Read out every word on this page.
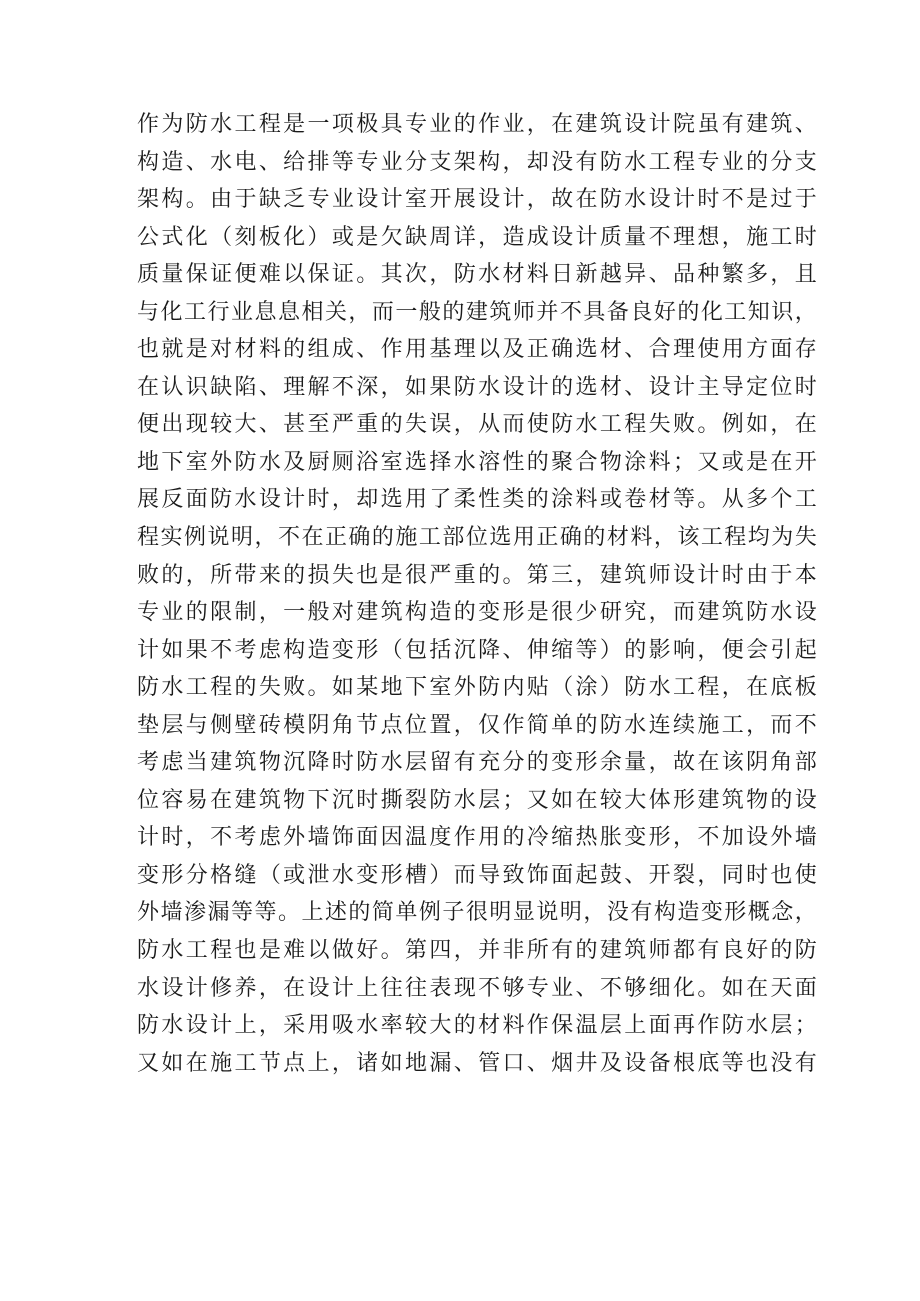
作为防水工程是一项极具专业的作业，在建筑设计院虽有建筑、
构造、水电、给排等专业分支架构，却没有防水工程专业的分支
架构。由于缺乏专业设计室开展设计，故在防水设计时不是过于
公式化（刻板化）或是欠缺周详，造成设计质量不理想，施工时
质量保证便难以保证。其次，防水材料日新越异、品种繁多，且
与化工行业息息相关，而一般的建筑师并不具备良好的化工知识，
也就是对材料的组成、作用基理以及正确选材、合理使用方面存
在认识缺陷、理解不深，如果防水设计的选材、设计主导定位时
便出现较大、甚至严重的失误，从而使防水工程失败。例如，在
地下室外防水及厨厕浴室选择水溶性的聚合物涂料；又或是在开
展反面防水设计时，却选用了柔性类的涂料或卷材等。从多个工
程实例说明，不在正确的施工部位选用正确的材料，该工程均为失
败的，所带来的损失也是很严重的。第三，建筑师设计时由于本
专业的限制，一般对建筑构造的变形是很少研究，而建筑防水设
计如果不考虑构造变形（包括沉降、伸缩等）的影响，便会引起
防水工程的失败。如某地下室外防内贴（涂）防水工程，在底板
垫层与侧壁砖模阴角节点位置，仅作简单的防水连续施工，而不
考虑当建筑物沉降时防水层留有充分的变形余量，故在该阴角部
位容易在建筑物下沉时撕裂防水层；又如在较大体形建筑物的设
计时，不考虑外墙饰面因温度作用的冷缩热胀变形，不加设外墙
变形分格缝（或泄水变形槽）而导致饰面起鼓、开裂，同时也使
外墙渗漏等等。上述的简单例子很明显说明，没有构造变形概念，
防水工程也是难以做好。第四，并非所有的建筑师都有良好的防
水设计修养，在设计上往往表现不够专业、不够细化。如在天面
防水设计上，采用吸水率较大的材料作保温层上面再作防水层；
又如在施工节点上，诸如地漏、管口、烟井及设备根底等也没有
